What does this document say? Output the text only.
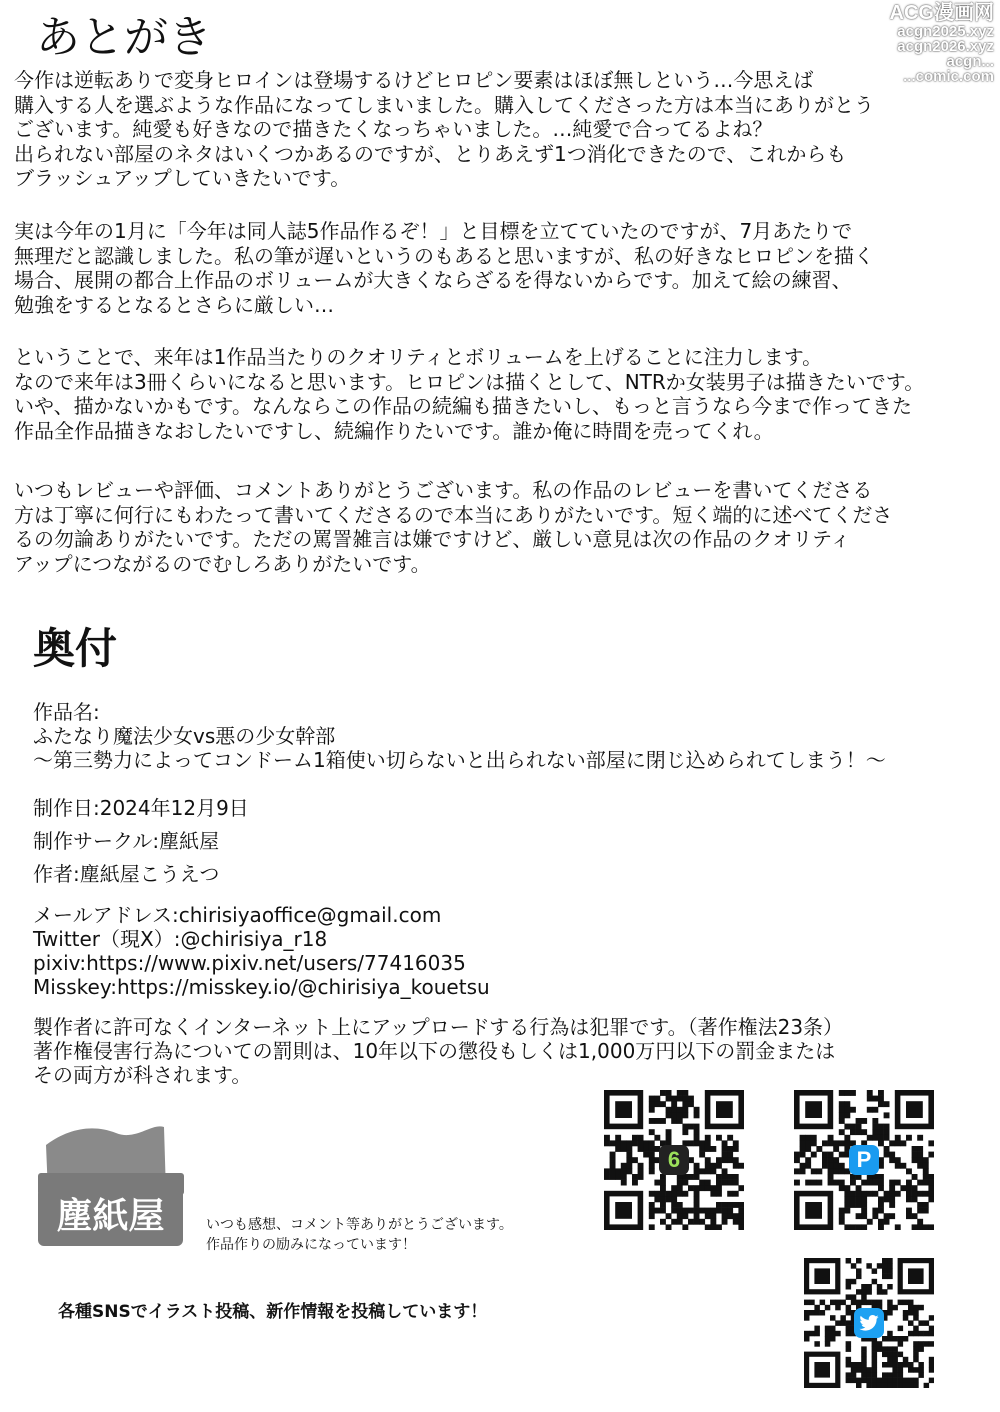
ACG漫画网
acgn2025.xyz
acgn2026.xyz
acgn...
...comic.com
あとがき
今作は逆転ありで変身ヒロインは登場するけどヒロピン要素はほぼ無しという…今思えば
購入する人を選ぶような作品になってしまいました。購入してくださった方は本当にありがとう
ございます。純愛も好きなので描きたくなっちゃいました。…純愛で合ってるよね？
出られない部屋のネタはいくつかあるのですが、とりあえず1つ消化できたので、これからも
ブラッシュアップしていきたいです。
実は今年の1月に「今年は同人誌5作品作るぞ！」と目標を立てていたのですが、7月あたりで
無理だと認識しました。私の筆が遅いというのもあると思いますが、私の好きなヒロピンを描く
場合、展開の都合上作品のボリュームが大きくならざるを得ないからです。加えて絵の練習、
勉強をするとなるとさらに厳しい…
ということで、来年は1作品当たりのクオリティとボリュームを上げることに注力します。
なので来年は3冊くらいになると思います。ヒロピンは描くとして、NTRか女装男子は描きたいです。
いや、描かないかもです。なんならこの作品の続編も描きたいし、もっと言うなら今まで作ってきた
作品全作品描きなおしたいですし、続編作りたいです。誰か俺に時間を売ってくれ。
いつもレビューや評価、コメントありがとうございます。私の作品のレビューを書いてくださる
方は丁寧に何行にもわたって書いてくださるので本当にありがたいです。短く端的に述べてくださ
るの勿論ありがたいです。ただの罵詈雑言は嫌ですけど、厳しい意見は次の作品のクオリティ
アップにつながるのでむしろありがたいです。
奥付
作品名:
ふたなり魔法少女vs悪の少女幹部
〜第三勢力によってコンドーム1箱使い切らないと出られない部屋に閉じ込められてしまう！〜
制作日:2024年12月9日
制作サークル:塵紙屋
作者:塵紙屋こうえつ
メールアドレス:chirisiyaoffice@gmail.com
Twitter（現X）:@chirisiya_r18
pixiv:https://www.pixiv.net/users/77416035
Misskey:https://misskey.io/@chirisiya_kouetsu
製作者に許可なくインターネット上にアップロードする行為は犯罪です。（著作権法23条）
著作権侵害行為についての罰則は、10年以下の懲役もしくは1,000万円以下の罰金または
その両方が科されます。
塵紙屋	いつも感想、コメント等ありがとうございます。
作品作りの励みになっています！
各種SNSでイラスト投稿、新作情報を投稿しています！
6	P
